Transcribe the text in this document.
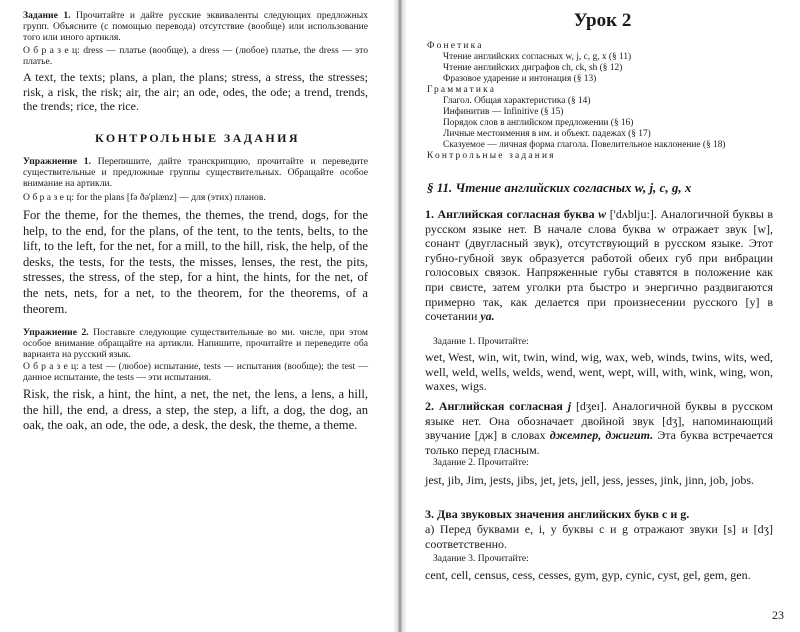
Задание 1. Прочитайте и дайте русские эквиваленты следующих предложных групп. Объясните (с помощью перевода) отсутствие (вообще) или использование того или иного артикля.

О б р а з е ц: dress — платье (вообще), a dress — (любое) платье, the dress — это платье.

A text, the texts; plans, a plan, the plans; stress, a stress, the stresses; risk, a risk, the risk; air, the air; an ode, odes, the ode; a trend, trends, the trends; rice, the rice.

КОНТРОЛЬНЫЕ ЗАДАНИЯ

Упражнение 1. Перепишите, дайте транскрипцию, прочитайте и переведите существительные и предложные группы существительных. Обращайте особое внимание на артикли.

О б р а з е ц: for the plans [fə ðə'plænz] — для (этих) планов.

For the theme, for the themes, the themes, the trend, dogs, for the help, to the end, for the plans, of the tent, to the tents, belts, to the lift, to the left, for the net, for a mill, to the hill, risk, the help, of the desks, the tests, for the tests, the misses, lenses, the rest, the pits, stresses, the stress, of the step, for a hint, the hints, for the net, of the nets, nets, for a net, to the theorem, for the theorems, of a theorem.

Упражнение 2. Поставьте следующие существительные во мн. числе, при этом особое внимание обращайте на артикли. Напишите, прочитайте и переведите оба варианта на русский язык.

О б р а з е ц: a test — (любое) испытание, tests — испытания (вообще); the test — данное испытание, the tests — эти испытания.

Risk, the risk, a hint, the hint, a net, the net, the lens, a lens, a hill, the hill, the end, a dress, a step, the step, a lift, a dog, the dog, an oak, the oak, an ode, the ode, a desk, the desk, the theme, a theme.

Урок 2

Фонетика

Чтение английских согласных w, j, c, g, x (§ 11)

Чтение английских диграфов ch, ck, sh (§ 12)

Фразовое ударение и интонация (§ 13)

Грамматика

Глагол. Общая характеристика (§ 14)

Инфинитив — Infinitive (§ 15)

Порядок слов в английском предложении (§ 16)

Личные местоимения в им. и объект. падежах (§ 17)

Сказуемое — личная форма глагола. Повелительное наклонение (§ 18)

Контрольные задания

§ 11. Чтение английских согласных w, j, c, g, x

1. Английская согласная буква w ['dʌblju:]. Аналогичной буквы в русском языке нет. В начале слова буква w отражает звук [w], сонант (двугласный звук), отсутствующий в русском языке. Этот губно-губной звук образуется работой обеих губ при вибрации голосовых связок. Напряженные губы ставятся в положение как при свисте, затем уголки рта быстро и энергично раздвигаются примерно так, как делается при произнесении русского [у] в сочетании уа.

Задание 1. Прочитайте:

wet, West, win, wit, twin, wind, wig, wax, web, winds, twins, wits, wed, well, weld, wells, welds, wend, went, wept, will, with, wink, wing, won, waxes, wigs.

2. Английская согласная j [dʒeɪ]. Аналогичной буквы в русском языке нет. Она обозначает двойной звук [dʒ], напоминающий звучание [дж] в словах джемпер, джигит. Эта буква встречается только перед гласным.

Задание 2. Прочитайте:

jest, jib, Jim, jests, jibs, jet, jets, jell, jess, jesses, jink, jinn, job, jobs.

3. Два звуковых значения английских букв c и g.

а) Перед буквами e, i, y буквы c и g отражают звуки [s] и [dʒ] соответственно.

Задание 3. Прочитайте:

cent, cell, census, cess, cesses, gym, gyp, cynic, cyst, gel, gem, gen.

23
